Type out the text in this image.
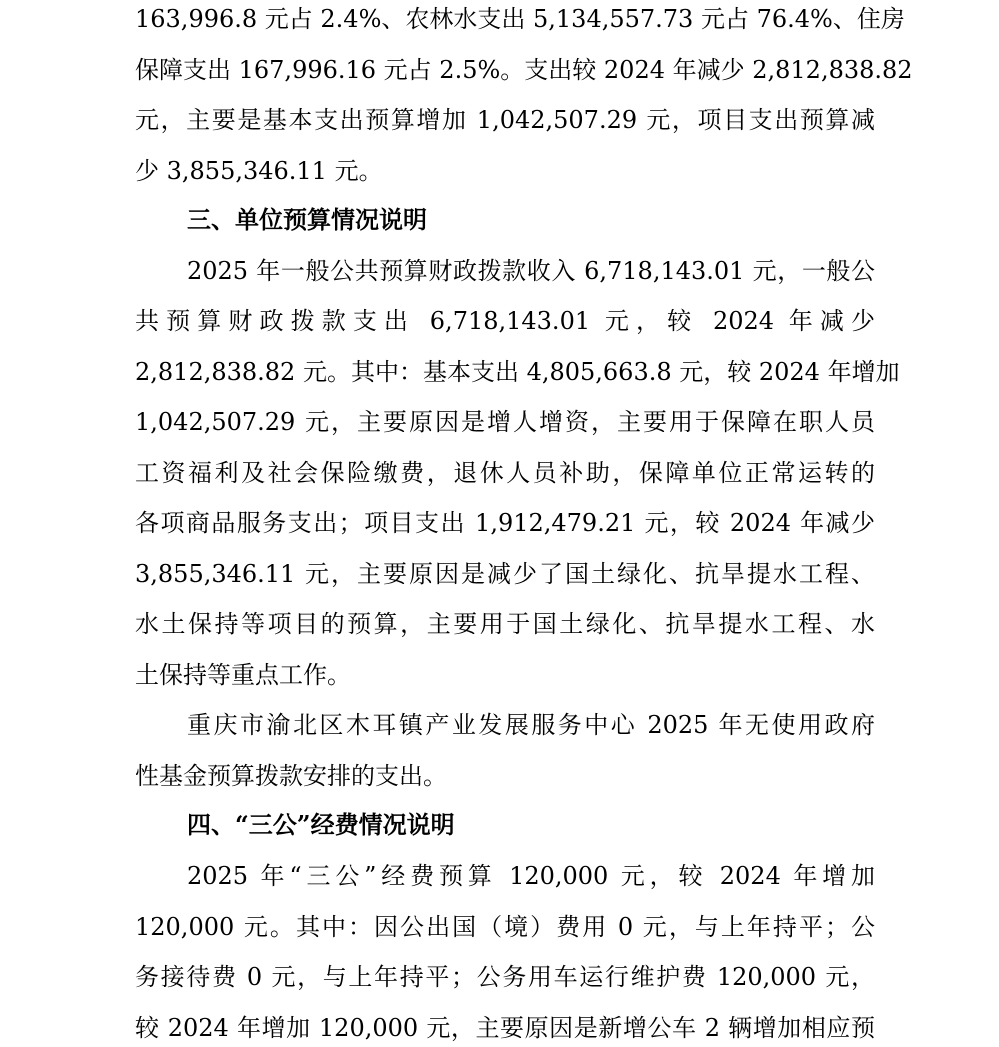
163,996.8 元占 2.4%、农林水支出 5,134,557.73 元占 76.4%、住房
保障支出 167,996.16 元占 2.5%。支出较 2024 年减少 2,812,838.82
元，主要是基本支出预算增加 1,042,507.29 元，项目支出预算减
少 3,855,346.11 元。
三、单位预算情况说明
2025 年一般公共预算财政拨款收入 6,718,143.01 元，一般公
共预算财政拨款支出 6,718,143.01 元，较 2024 年减少
2,812,838.82 元。其中：基本支出 4,805,663.8 元，较 2024 年增加
1,042,507.29 元，主要原因是增人增资，主要用于保障在职人员
工资福利及社会保险缴费，退休人员补助，保障单位正常运转的
各项商品服务支出；项目支出 1,912,479.21 元，较 2024 年减少
3,855,346.11 元，主要原因是减少了国土绿化、抗旱提水工程、
水土保持等项目的预算，主要用于国土绿化、抗旱提水工程、水
土保持等重点工作。
重庆市渝北区木耳镇产业发展服务中心 2025 年无使用政府
性基金预算拨款安排的支出。
四、“三公”经费情况说明
2025 年“三公”经费预算 120,000 元，较 2024 年增加
120,000 元。其中：因公出国（境）费用 0 元，与上年持平；公
务接待费 0 元，与上年持平；公务用车运行维护费 120,000 元，
较 2024 年增加 120,000 元，主要原因是新增公车 2 辆增加相应预
